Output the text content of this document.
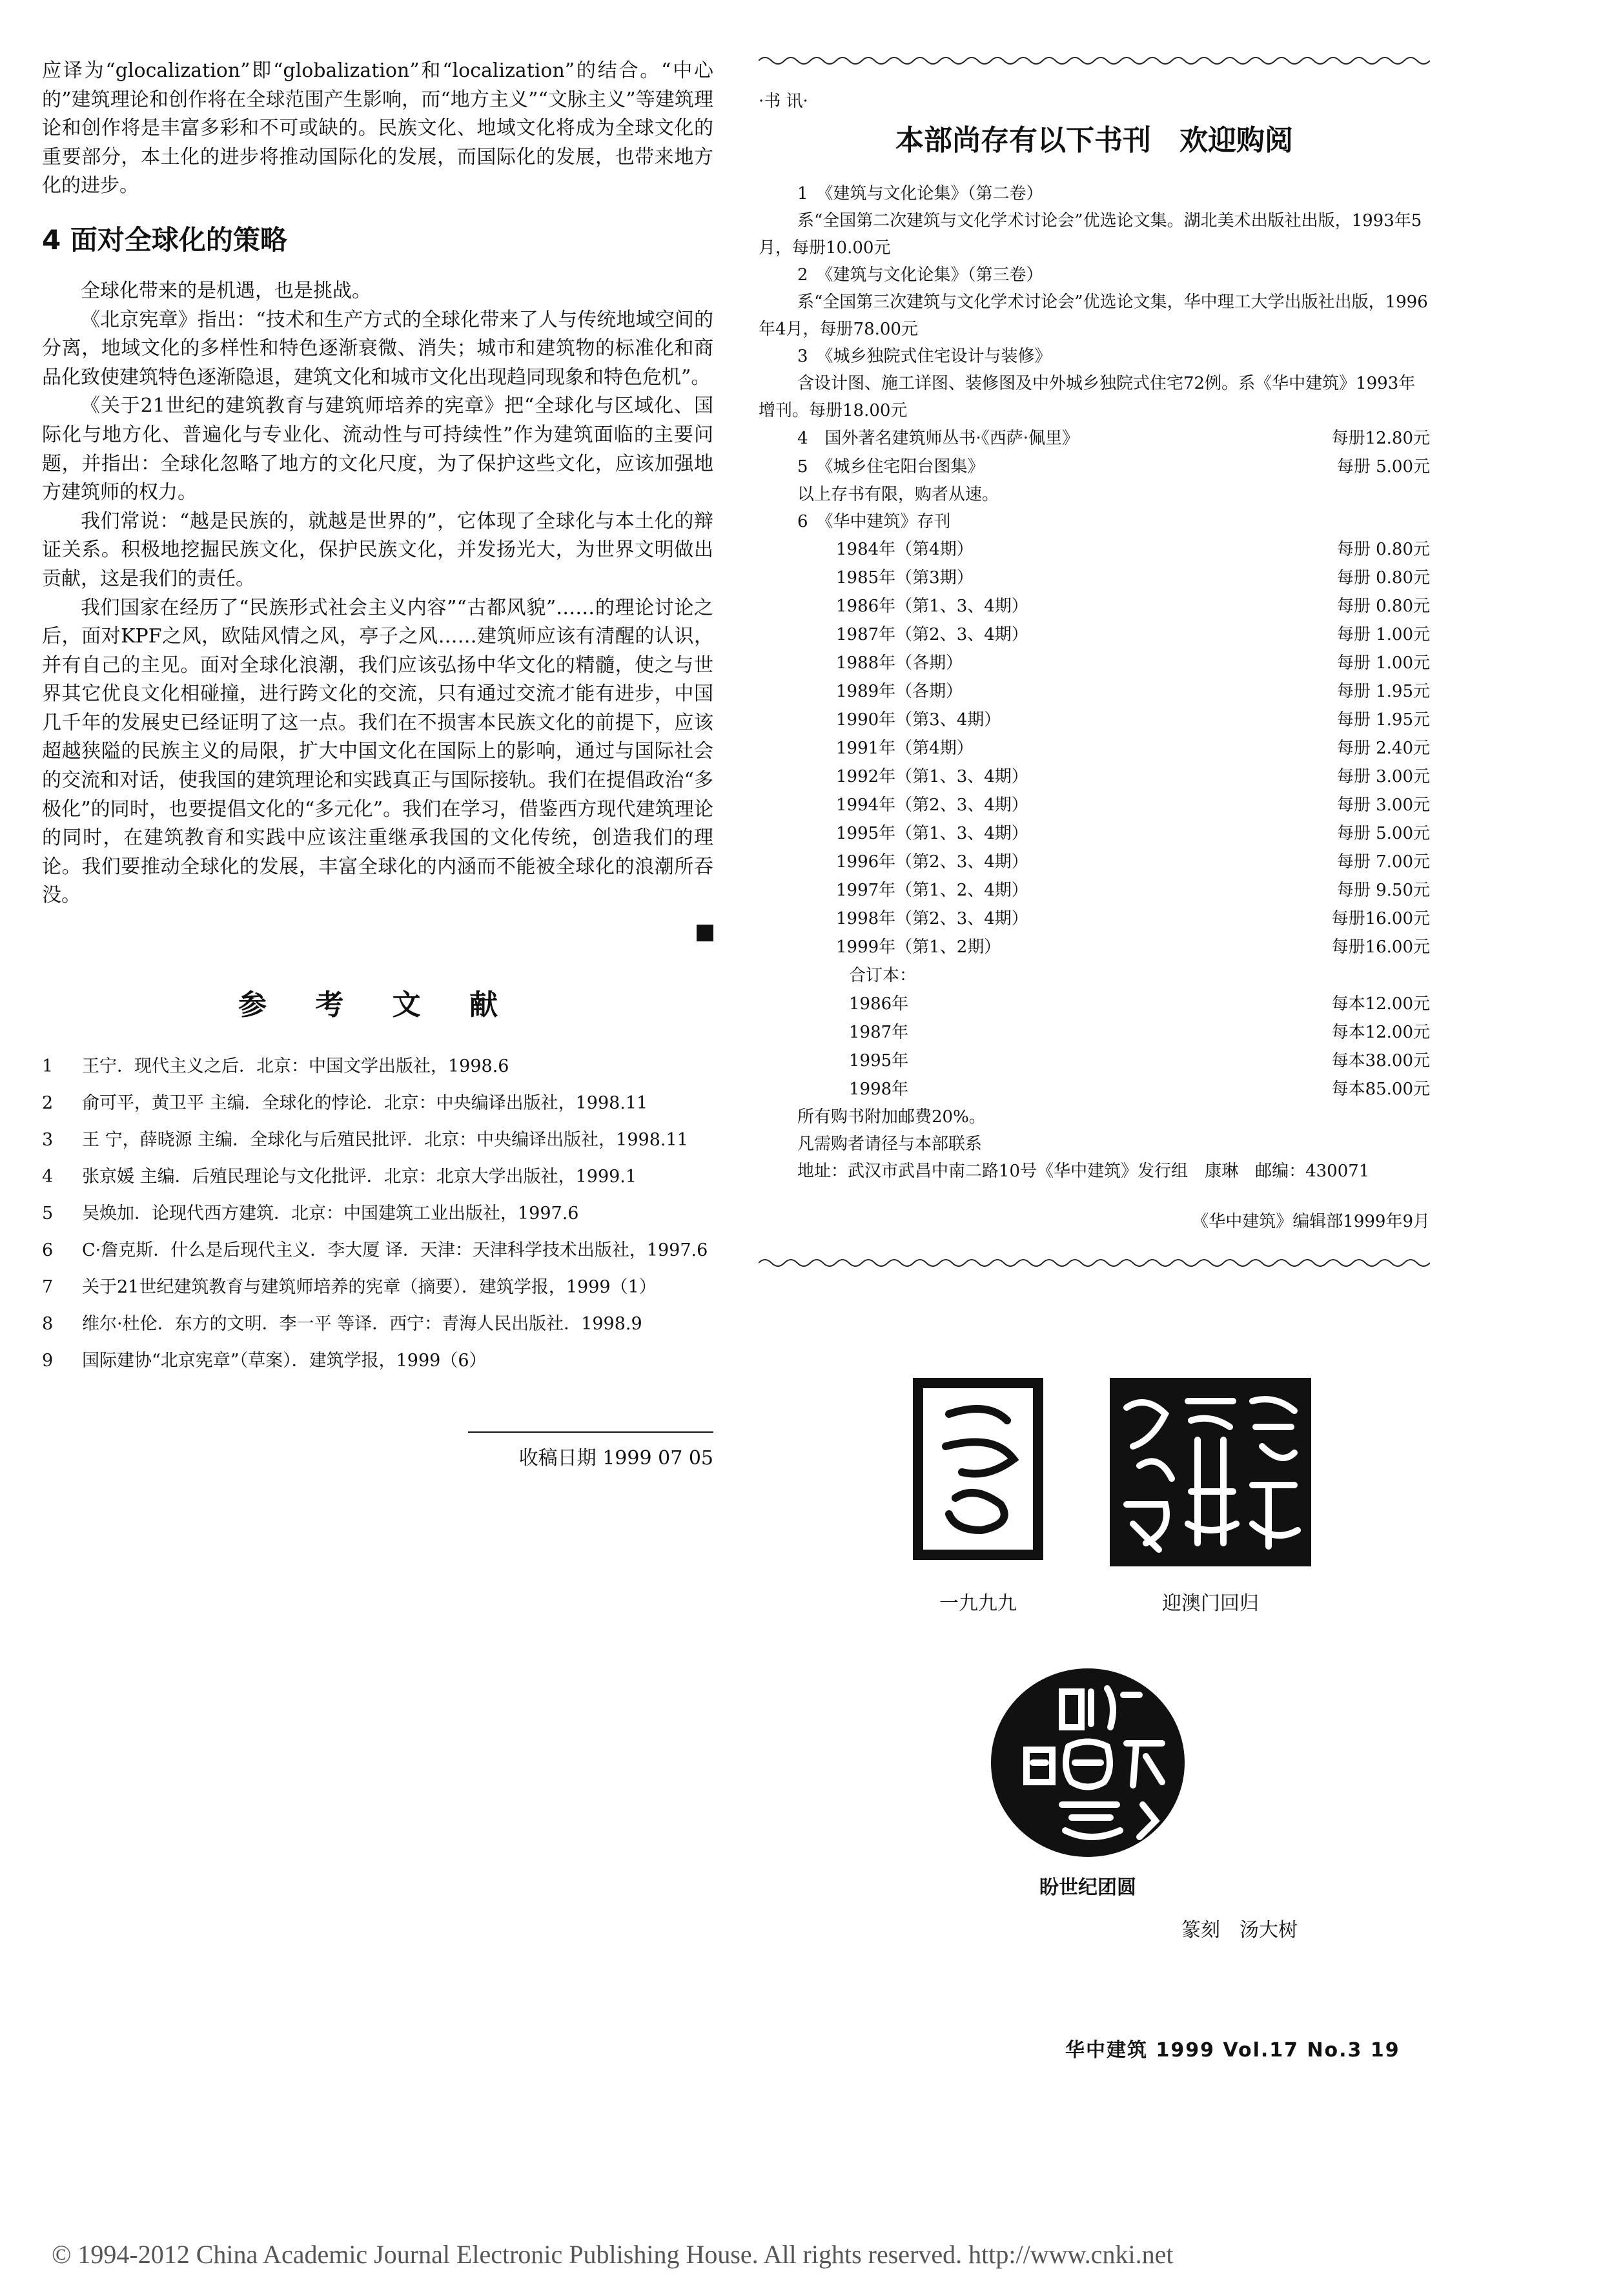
应译为“glocalization”即“globalization”和“localization”的结合。“中心的”建筑理论和创作将在全球范围产生影响，而“地方主义”“文脉主义”等建筑理论和创作将是丰富多彩和不可或缺的。民族文化、地域文化将成为全球文化的重要部分，本土化的进步将推动国际化的发展，而国际化的发展，也带来地方化的进步。

4 面对全球化的策略

全球化带来的是机遇，也是挑战。

《北京宪章》指出：“技术和生产方式的全球化带来了人与传统地域空间的分离，地域文化的多样性和特色逐渐衰微、消失；城市和建筑物的标准化和商品化致使建筑特色逐渐隐退，建筑文化和城市文化出现趋同现象和特色危机”。

《关于21世纪的建筑教育与建筑师培养的宪章》把“全球化与区域化、国际化与地方化、普遍化与专业化、流动性与可持续性”作为建筑面临的主要问题，并指出：全球化忽略了地方的文化尺度，为了保护这些文化，应该加强地方建筑师的权力。

我们常说：“越是民族的，就越是世界的”，它体现了全球化与本土化的辩证关系。积极地挖掘民族文化，保护民族文化，并发扬光大，为世界文明做出贡献，这是我们的责任。

我们国家在经历了“民族形式社会主义内容”“古都风貌”……的理论讨论之后，面对KPF之风，欧陆风情之风，亭子之风……建筑师应该有清醒的认识，并有自己的主见。面对全球化浪潮，我们应该弘扬中华文化的精髓，使之与世界其它优良文化相碰撞，进行跨文化的交流，只有通过交流才能有进步，中国几千年的发展史已经证明了这一点。我们在不损害本民族文化的前提下，应该超越狭隘的民族主义的局限，扩大中国文化在国际上的影响，通过与国际社会的交流和对话，使我国的建筑理论和实践真正与国际接轨。我们在提倡政治“多极化”的同时，也要提倡文化的“多元化”。我们在学习，借鉴西方现代建筑理论的同时，在建筑教育和实践中应该注重继承我国的文化传统，创造我们的理论。我们要推动全球化的发展，丰富全球化的内涵而不能被全球化的浪潮所吞没。

参 考 文 献
1	王宁．现代主义之后．北京：中国文学出版社，1998.6
2	俞可平，黄卫平 主编．全球化的悖论．北京：中央编译出版社，1998.11
3	王 宁，薛晓源 主编．全球化与后殖民批评．北京：中央编译出版社，1998.11
4	张京媛 主编．后殖民理论与文化批评．北京：北京大学出版社，1999.1
5	吴焕加．论现代西方建筑．北京：中国建筑工业出版社，1997.6
6	C·詹克斯．什么是后现代主义．李大厦 译．天津：天津科学技术出版社，1997.6
7	关于21世纪建筑教育与建筑师培养的宪章（摘要）．建筑学报，1999（1）
8	维尔·杜伦．东方的文明．李一平 等译．西宁：青海人民出版社．1998.9
9	国际建协“北京宪章”（草案）．建筑学报，1999（6）
收稿日期 1999 07 05
·书 讯·
本部尚存有以下书刊　欢迎购阅

1　《建筑与文化论集》（第二卷）

系“全国第二次建筑与文化学术讨论会”优选论文集。湖北美术出版社出版，1993年5月，每册10.00元

2　《建筑与文化论集》（第三卷）

系“全国第三次建筑与文化学术讨论会”优选论文集，华中理工大学出版社出版，1996年4月，每册78.00元

3　《城乡独院式住宅设计与装修》

含设计图、施工详图、装修图及中外城乡独院式住宅72例。系《华中建筑》1993年增刊。每册18.00元

4　国外著名建筑师丛书·《西萨·佩里》	每册12.80元
5　《城乡住宅阳台图集》	每册 5.00元

以上存书有限，购者从速。

6　《华中建筑》存刊

1984年（第4期）	每册 0.80元
1985年（第3期）	每册 0.80元
1986年（第1、3、4期）	每册 0.80元
1987年（第2、3、4期）	每册 1.00元
1988年（各期）	每册 1.00元
1989年（各期）	每册 1.95元
1990年（第3、4期）	每册 1.95元
1991年（第4期）	每册 2.40元
1992年（第1、3、4期）	每册 3.00元
1994年（第2、3、4期）	每册 3.00元
1995年（第1、3、4期）	每册 5.00元
1996年（第2、3、4期）	每册 7.00元
1997年（第1、2、4期）	每册 9.50元
1998年（第2、3、4期）	每册16.00元
1999年（第1、2期）	每册16.00元
合订本：
1986年	每本12.00元
1987年	每本12.00元
1995年	每本38.00元
1998年	每本85.00元

所有购书附加邮费20%。

凡需购者请径与本部联系

地址：武汉市武昌中南二路10号《华中建筑》发行组　康琳　邮编：430071

《华中建筑》编辑部1999年9月
一九九九	迎澳门回归
盼世纪团圆
篆刻　汤大树
华中建筑 1999 Vol.17 No.3 19
© 1994-2012 China Academic Journal Electronic Publishing House. All rights reserved. http://www.cnki.net
